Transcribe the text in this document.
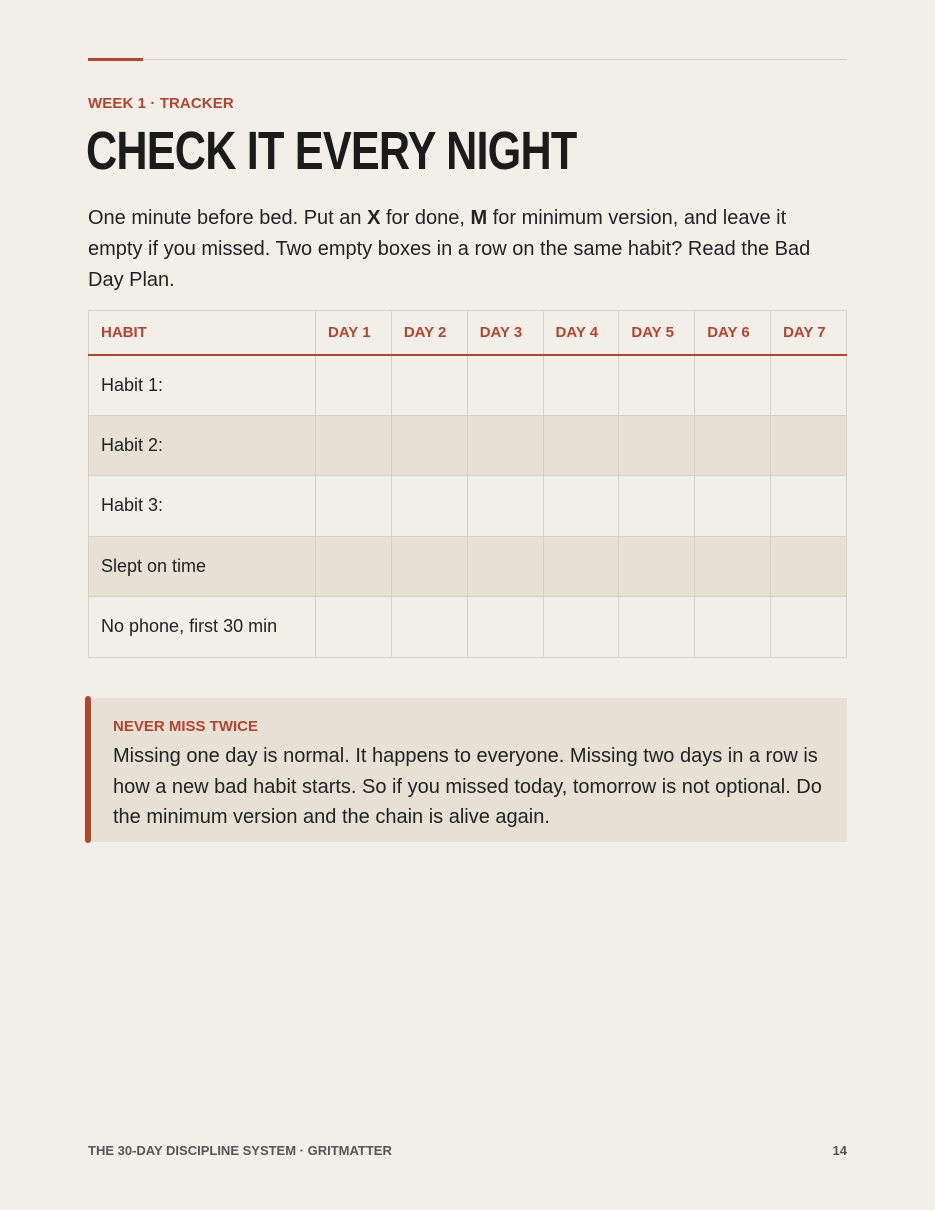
WEEK 1 · TRACKER
CHECK IT EVERY NIGHT

One minute before bed. Put an X for done, M for minimum version, and leave it empty if you missed. Two empty boxes in a row on the same habit? Read the Bad Day Plan.

HABIT	DAY 1	DAY 2	DAY 3	DAY 4	DAY 5	DAY 6	DAY 7
Habit 1:							
Habit 2:							
Habit 3:							
Slept on time							
No phone, first 30 min							
NEVER MISS TWICE

Missing one day is normal. It happens to everyone. Missing two days in a row is how a new bad habit starts. So if you missed today, tomorrow is not optional. Do the minimum version and the chain is alive again.

THE 30-DAY DISCIPLINE SYSTEM · GRITMATTER	14
